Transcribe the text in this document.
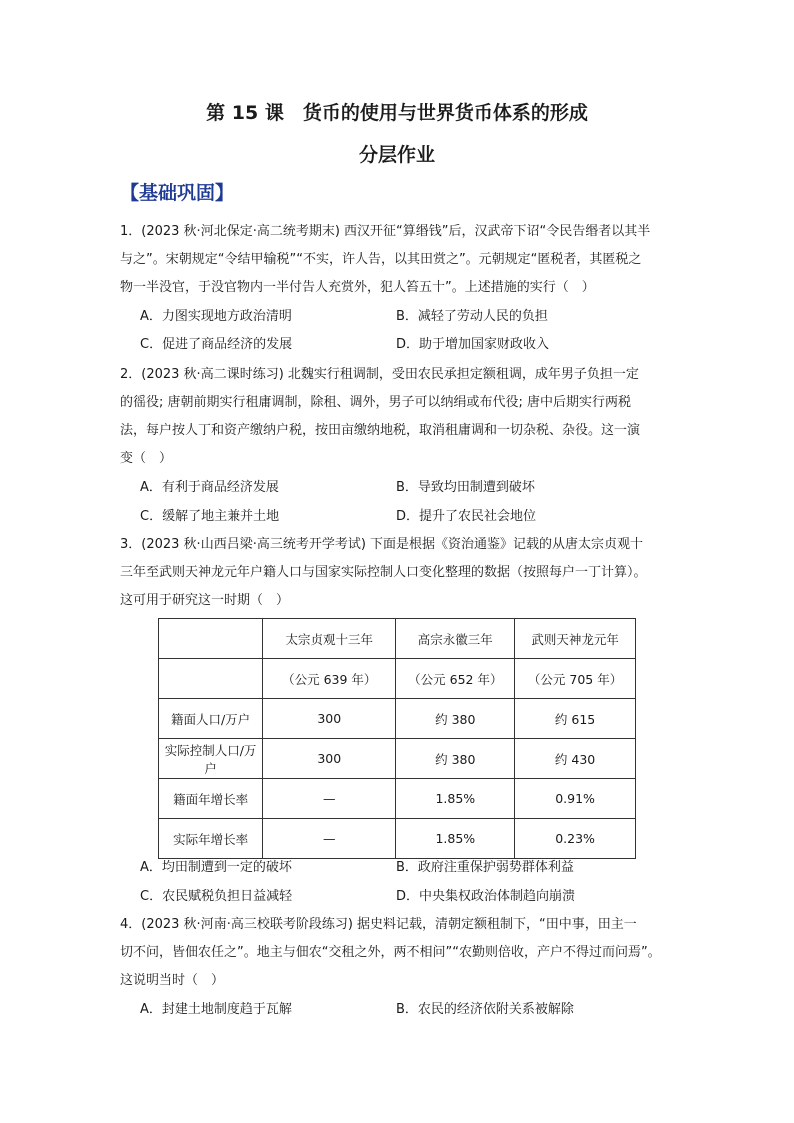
第 15 课　货币的使用与世界货币体系的形成
分层作业
【基础巩固】
1．(2023 秋·河北保定·高二统考期末) 西汉开征“算缗钱”后，汉武帝下诏“令民告缗者以其半
与之”。宋朝规定“令结甲输税”“不实，许人告，以其田赏之”。元朝规定“匿税者，其匿税之
物一半没官，于没官物内一半付告人充赏外，犯人笞五十”。上述措施的实行（　）
A．力图实现地方政治清明	B．减轻了劳动人民的负担
C．促进了商品经济的发展	D．助于增加国家财政收入
2．(2023 秋·高二课时练习) 北魏实行租调制，受田农民承担定额租调，成年男子负担一定
的徭役; 唐朝前期实行租庸调制，除租、调外，男子可以纳绢或布代役; 唐中后期实行两税
法，每户按人丁和资产缴纳户税，按田亩缴纳地税，取消租庸调和一切杂税、杂役。这一演
变（　）
A．有利于商品经济发展	B．导致均田制遭到破坏
C．缓解了地主兼并土地	D．提升了农民社会地位
3．(2023 秋·山西吕梁·高三统考开学考试) 下面是根据《资治通鉴》记载的从唐太宗贞观十
三年至武则天神龙元年户籍人口与国家实际控制人口变化整理的数据（按照每户一丁计算）。
这可用于研究这一时期（　）
	太宗贞观十三年	高宗永徽三年	武则天神龙元年
	（公元 639 年）	（公元 652 年）	（公元 705 年）
籍面人口/万户	300	约 380	约 615
实际控制人口/万户	300	约 380	约 430
籍面年增长率	—	1.85%	0.91%
实际年增长率	—	1.85%	0.23%
A．均田制遭到一定的破坏	B．政府注重保护弱势群体利益
C．农民赋税负担日益减轻	D．中央集权政治体制趋向崩溃
4．(2023 秋·河南·高三校联考阶段练习) 据史料记载，清朝定额租制下，“田中事，田主一
切不问，皆佃农任之”。地主与佃农“交租之外，两不相问”“农勤则倍收，产户不得过而问焉”。
这说明当时（　）
A．封建土地制度趋于瓦解	B．农民的经济依附关系被解除
